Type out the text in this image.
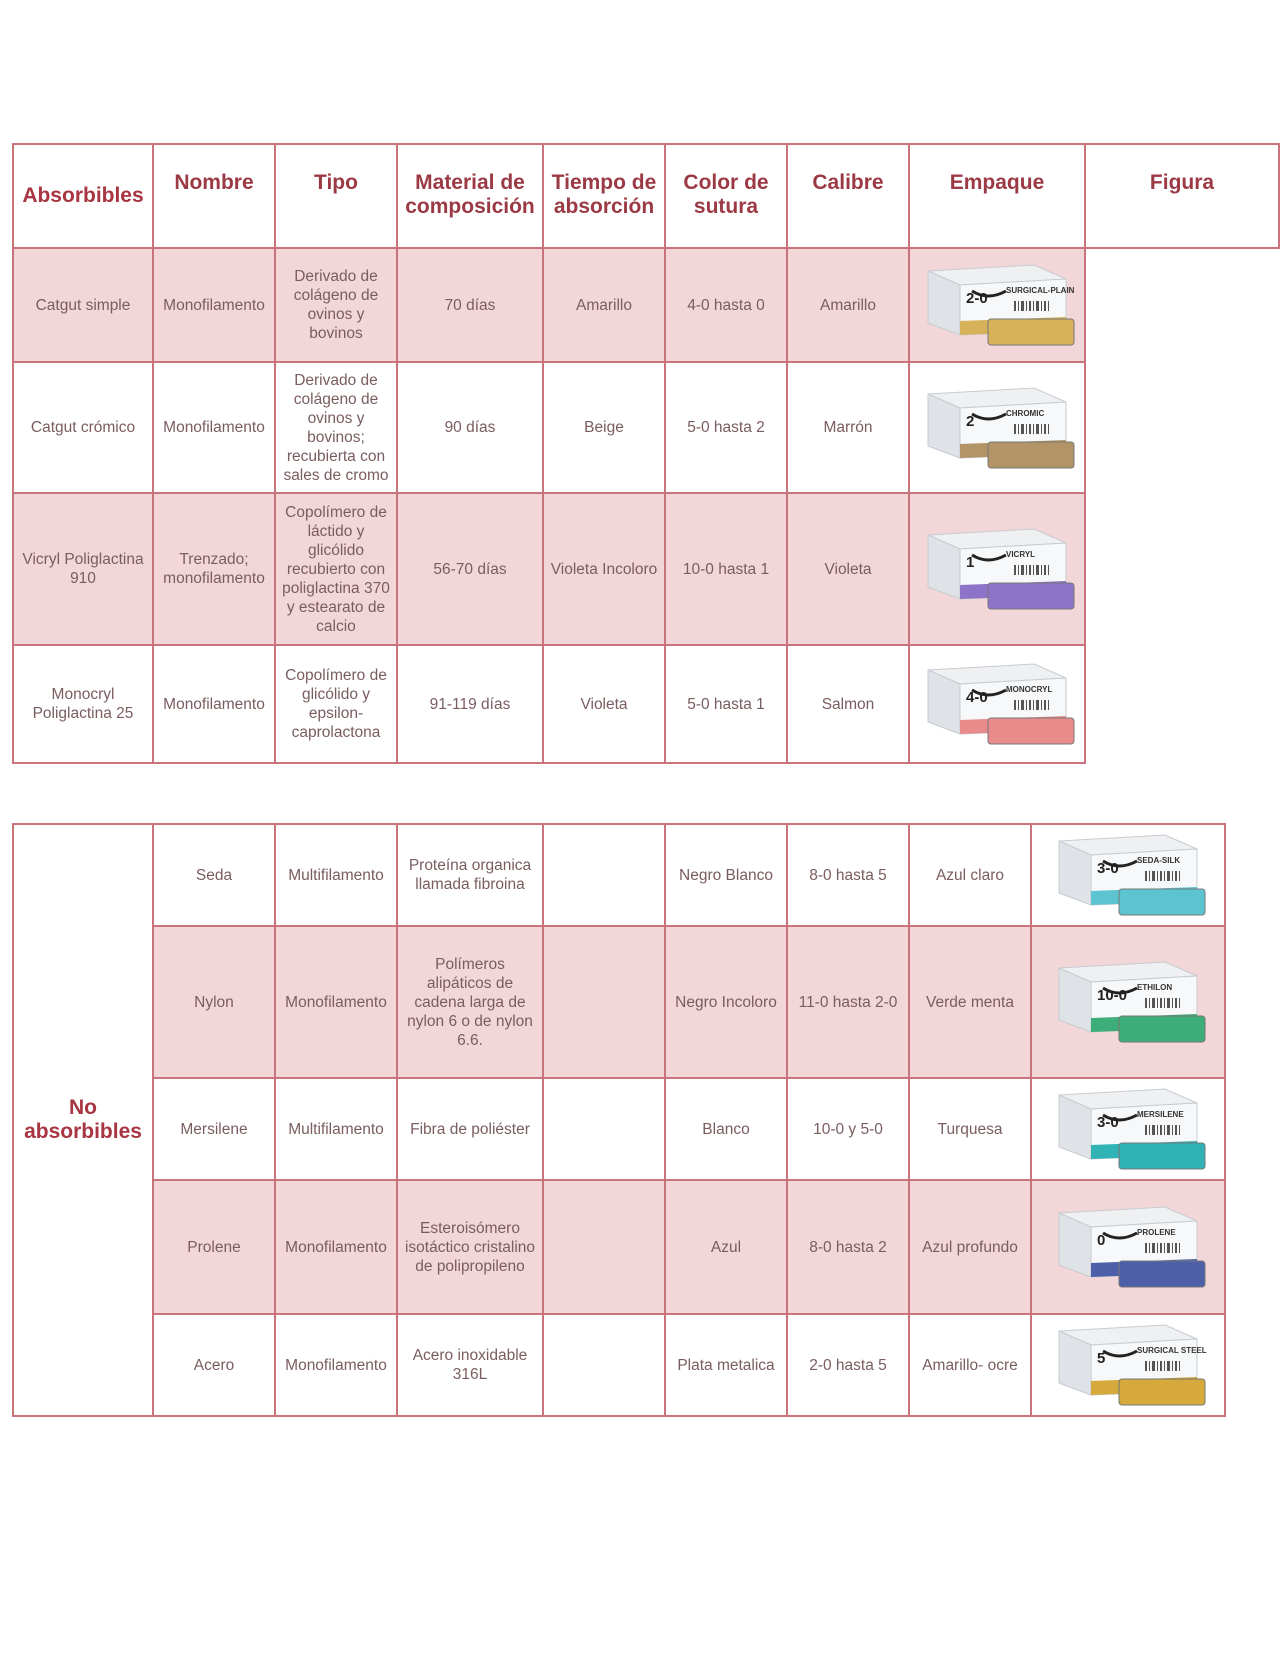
Absorbibles	Nombre	Tipo	Material de composición	Tiempo de absorción	Color de sutura	Calibre	Empaque	Figura
Catgut simple	Monofilamento	Derivado de colágeno de ovinos y bovinos	70 días	Amarillo	4-0 hasta 0	Amarillo	2-0 SURGICAL-PLAIN	

Catgut crómico	Monofilamento	Derivado de colágeno de ovinos y bovinos; recubierta con sales de cromo	90 días	Beige	5-0 hasta 2	Marrón	2 CHROMIC	

Vicryl Poliglactina 910	Trenzado; monofilamento	Copolímero de láctido y glicólido recubierto con poliglactina 370 y estearato de calcio	56-70 días	Violeta Incoloro	10-0 hasta 1	Violeta	1 VICRYL	

Monocryl Poliglactina 25	Monofilamento	Copolímero de glicólido y epsilon-caprolactona	91-119 días	Violeta	5-0 hasta 1	Salmon	4-0 MONOCRYL	
No absorbibles	Seda	Multifilamento	Proteína organica llamada fibroina		Negro Blanco	8-0 hasta 5	Azul claro	3-0 SEDA-SILK

	Nylon	Monofilamento	Polímeros alipáticos de cadena larga de nylon 6 o de nylon 6.6.		Negro Incoloro	11-0 hasta 2-0	Verde menta	10-0 ETHILON

	Mersilene	Multifilamento	Fibra de poliéster		Blanco	10-0 y 5-0	Turquesa	3-0 MERSILENE

	Prolene	Monofilamento	Esteroisómero isotáctico cristalino de polipropileno		Azul	8-0 hasta 2	Azul profundo	0 PROLENE

	Acero	Monofilamento	Acero inoxidable 316L		Plata metalica	2-0 hasta 5	Amarillo- ocre	5 SURGICAL STEEL
